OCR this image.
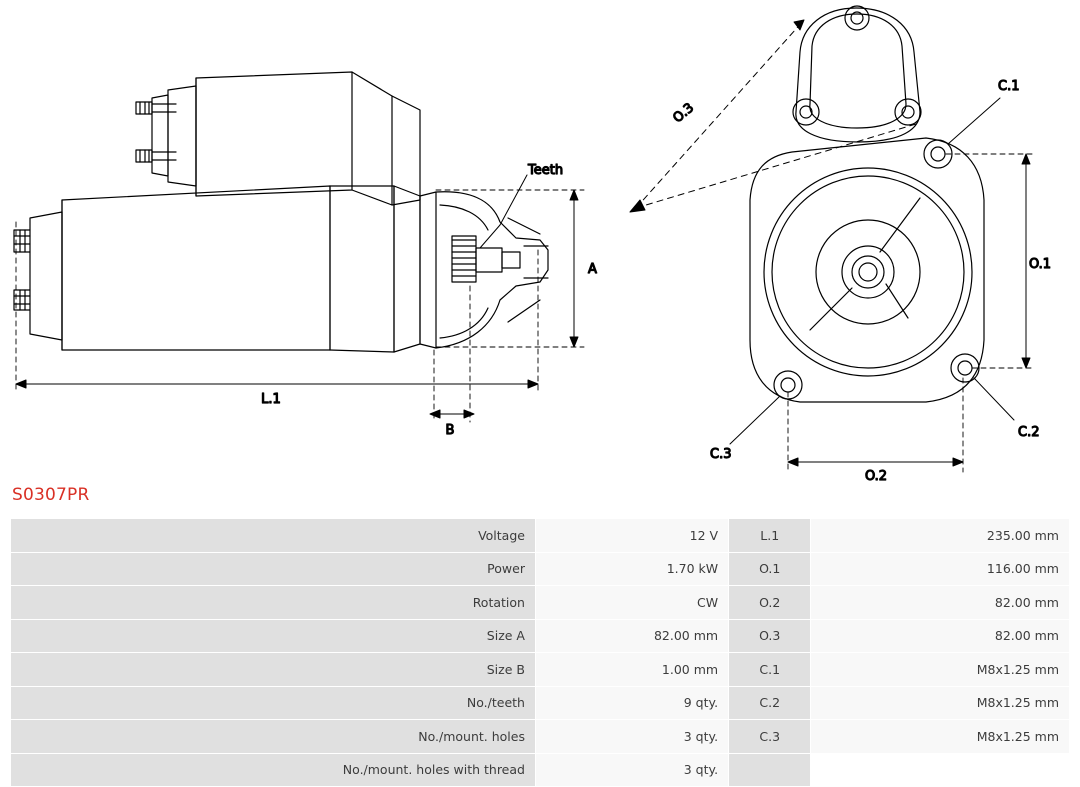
Teeth
A
L.1
B
O.3
O.1
O.2
C.1
C.2
C.3
S0307PR
Voltage	12 V	L.1	235.00 mm
Power	1.70 kW	O.1	116.00 mm
Rotation	CW	O.2	82.00 mm
Size A	82.00 mm	O.3	82.00 mm
Size B	1.00 mm	C.1	M8x1.25 mm
No./teeth	9 qty.	C.2	M8x1.25 mm
No./mount. holes	3 qty.	C.3	M8x1.25 mm
No./mount. holes with thread	3 qty.		
